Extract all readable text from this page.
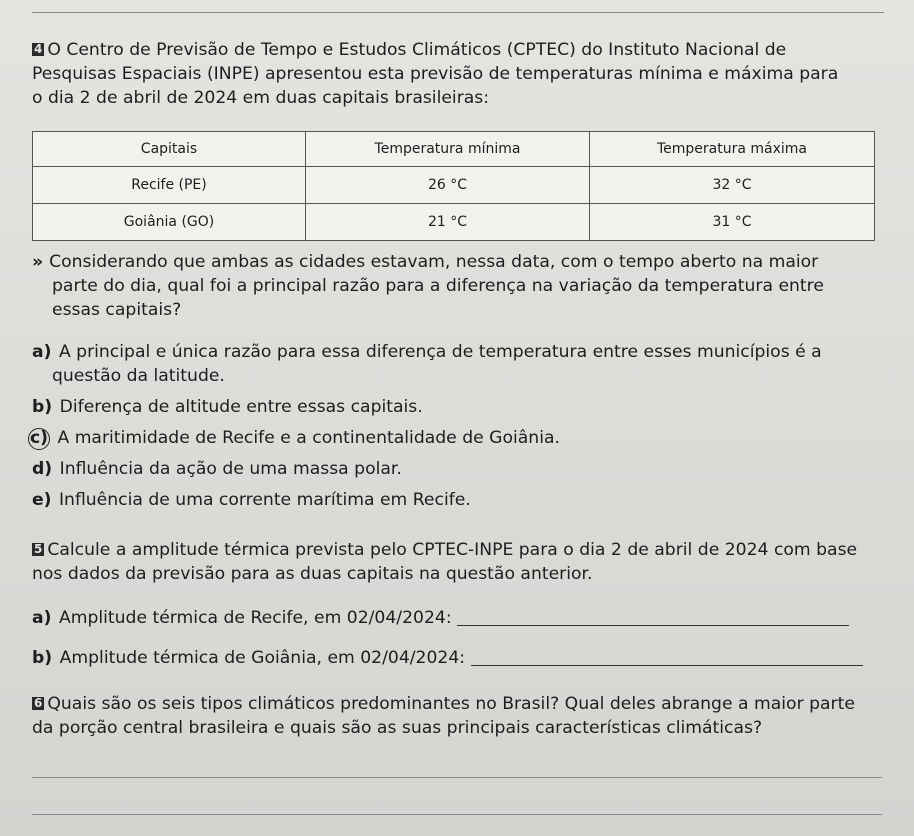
4 O Centro de Previsão de Tempo e Estudos Climáticos (CPTEC) do Instituto Nacional de
Pesquisas Espaciais (INPE) apresentou esta previsão de temperaturas mínima e máxima para
o dia 2 de abril de 2024 em duas capitais brasileiras:
Capitais	Temperatura mínima	Temperatura máxima
Recife (PE)	26 °C	32 °C
Goiânia (GO)	21 °C	31 °C
» Considerando que ambas as cidades estavam, nessa data, com o tempo aberto na maior
parte do dia, qual foi a principal razão para a diferença na variação da temperatura entre
essas capitais?
a) A principal e única razão para essa diferença de temperatura entre esses municípios é a
questão da latitude.
b) Diferença de altitude entre essas capitais.
c) A maritimidade de Recife e a continentalidade de Goiânia.
d) Influência da ação de uma massa polar.
e) Influência de uma corrente marítima em Recife.
5 Calcule a amplitude térmica prevista pelo CPTEC-INPE para o dia 2 de abril de 2024 com base
nos dados da previsão para as duas capitais na questão anterior.
a) Amplitude térmica de Recife, em 02/04/2024:
b) Amplitude térmica de Goiânia, em 02/04/2024:
6 Quais são os seis tipos climáticos predominantes no Brasil? Qual deles abrange a maior parte
da porção central brasileira e quais são as suas principais características climáticas?
